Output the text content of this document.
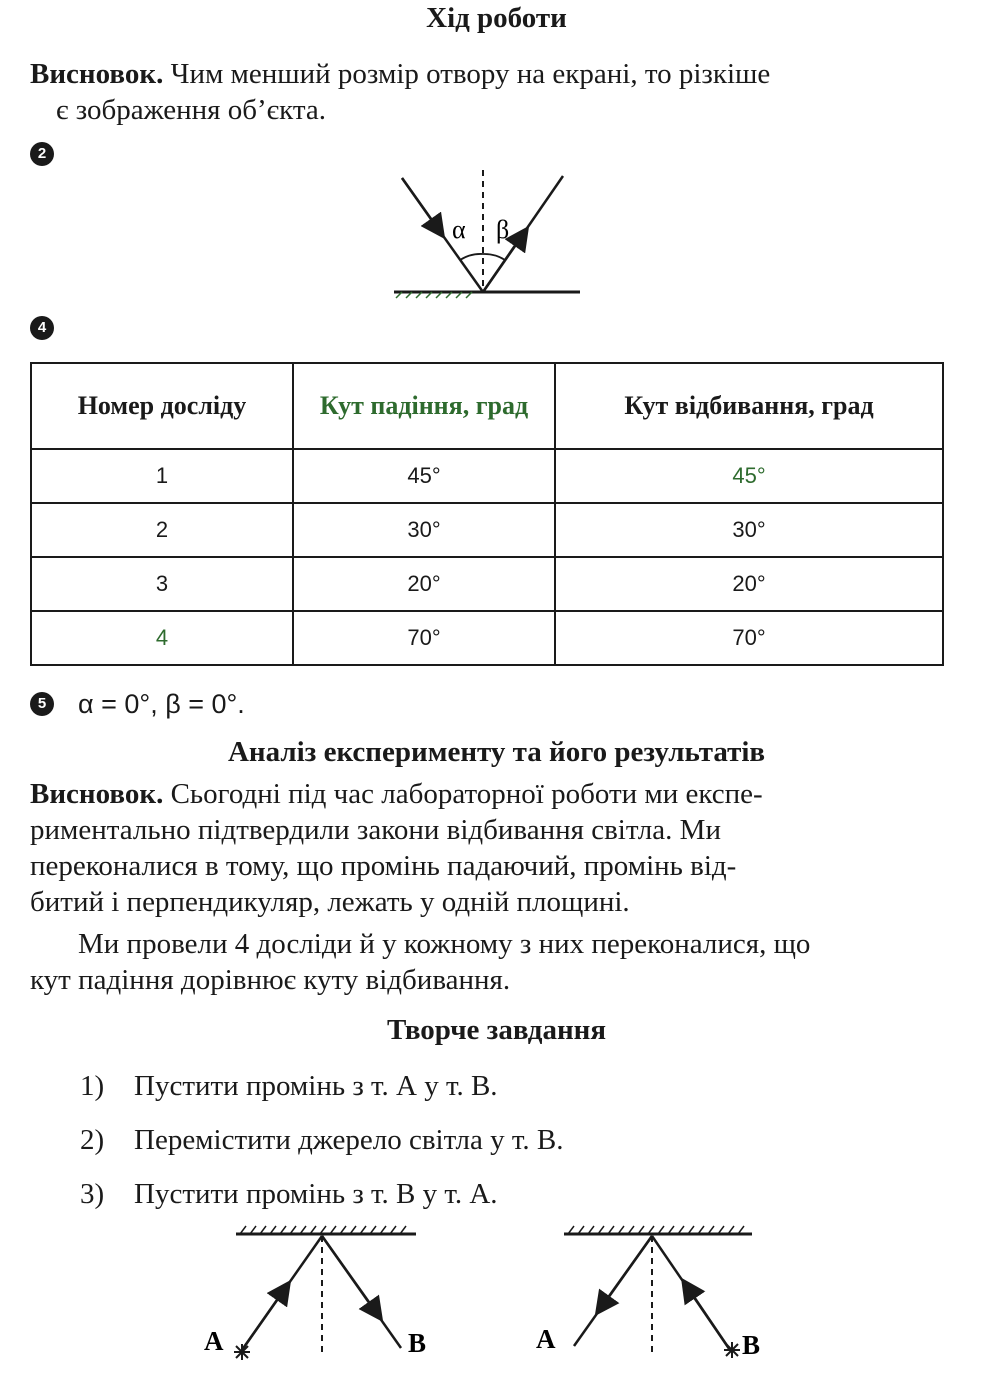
Хід роботи
Висновок. Чим менший розмір отвору на екрані, то різкіше
є зображення об’єкта.
2
α β
4
Номер досліду	Кут падіння, град	Кут відбивання, град
1	45°	45°
2	30°	30°
3	20°	20°
4	70°	70°
5 α = 0°, β = 0°.
Аналіз експерименту та його результатів
Висновок. Сьогодні під час лабораторної роботи ми експе-
риментально підтвердили закони відбивання світла. Ми
переконалися в тому, що промінь падаючий, промінь від-
битий і перпендикуляр, лежать у одній площині.
Ми провели 4 досліди й у кожному з них переконалися, що
кут падіння дорівнює куту відбивання.
Творче завдання
1) Пустити промінь з т. А у т. В.
2) Перемістити джерело світла у т. В.
3) Пустити промінь з т. В у т. А.
А	В	А	В
